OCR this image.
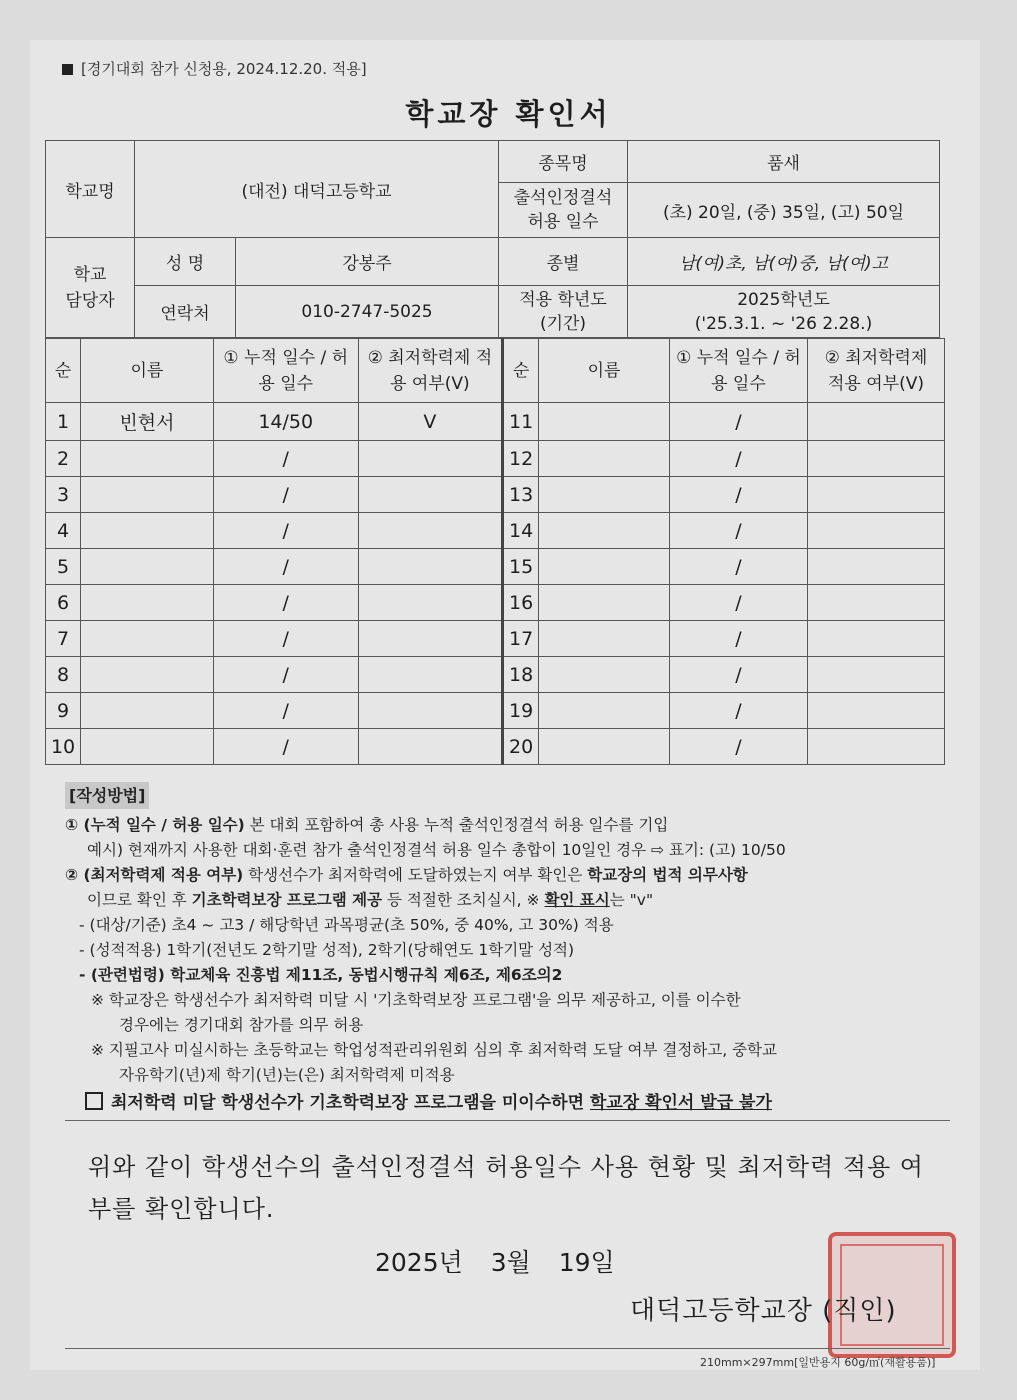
[경기대회 참가 신청용, 2024.12.20. 적용]
학교장 확인서
학교명	(대전) 대덕고등학교		종목명	품새
			출석인정결석 허용 일수	(초) 20일, (중) 35일, (고) 50일
학교 담당자	성 명	강봉주	종별	남(여)초, 남(여)중, 남(여)고
	연락처	010-2747-5025	적용 학년도 (기간)	2025학년도
('25.3.1. ~ '26 2.28.)
순	이름	① 누적 일수 / 허용 일수	② 최저학력제 적용 여부(V)	순	이름	① 누적 일수 / 허용 일수	② 최저학력제 적용 여부(V)
1	빈현서	14/50	V	11		/	
2		/		12		/	
3		/		13		/	
4		/		14		/	
5		/		15		/	
6		/		16		/	
7		/		17		/	
8		/		18		/	
9		/		19		/	
10		/		20		/	
[작성방법]
① (누적 일수 / 허용 일수) 본 대회 포함하여 총 사용 누적 출석인정결석 허용 일수를 기입
예시) 현재까지 사용한 대회·훈련 참가 출석인정결석 허용 일수 총합이 10일인 경우 ⇨ 표기: (고) 10/50
② (최저학력제 적용 여부) 학생선수가 최저학력에 도달하였는지 여부 확인은 학교장의 법적 의무사항
이므로 확인 후 기초학력보장 프로그램 제공 등 적절한 조치실시, ※ 확인 표시는 "v"
- (대상/기준) 초4 ~ 고3 / 해당학년 과목평균(초 50%, 중 40%, 고 30%) 적용
- (성적적용) 1학기(전년도 2학기말 성적), 2학기(당해연도 1학기말 성적)
- (관련법령) 학교체육 진흥법 제11조, 동법시행규칙 제6조, 제6조의2
※ 학교장은 학생선수가 최저학력 미달 시 '기초학력보장 프로그램'을 의무 제공하고, 이를 이수한
경우에는 경기대회 참가를 의무 허용
※ 지필고사 미실시하는 초등학교는 학업성적관리위원회 심의 후 최저학력 도달 여부 결정하고, 중학교
자유학기(년)제 학기(년)는(은) 최저학력제 미적용
최저학력 미달 학생선수가 기초학력보장 프로그램을 미이수하면 학교장 확인서 발급 불가
위와 같이 학생선수의 출석인정결석 허용일수 사용 현황 및 최저학력 적용 여부를 확인합니다.
2025년 3월 19일
대덕고등학교장 (직인)
210mm×297mm[일반용지 60g/㎡(재활용품)]
